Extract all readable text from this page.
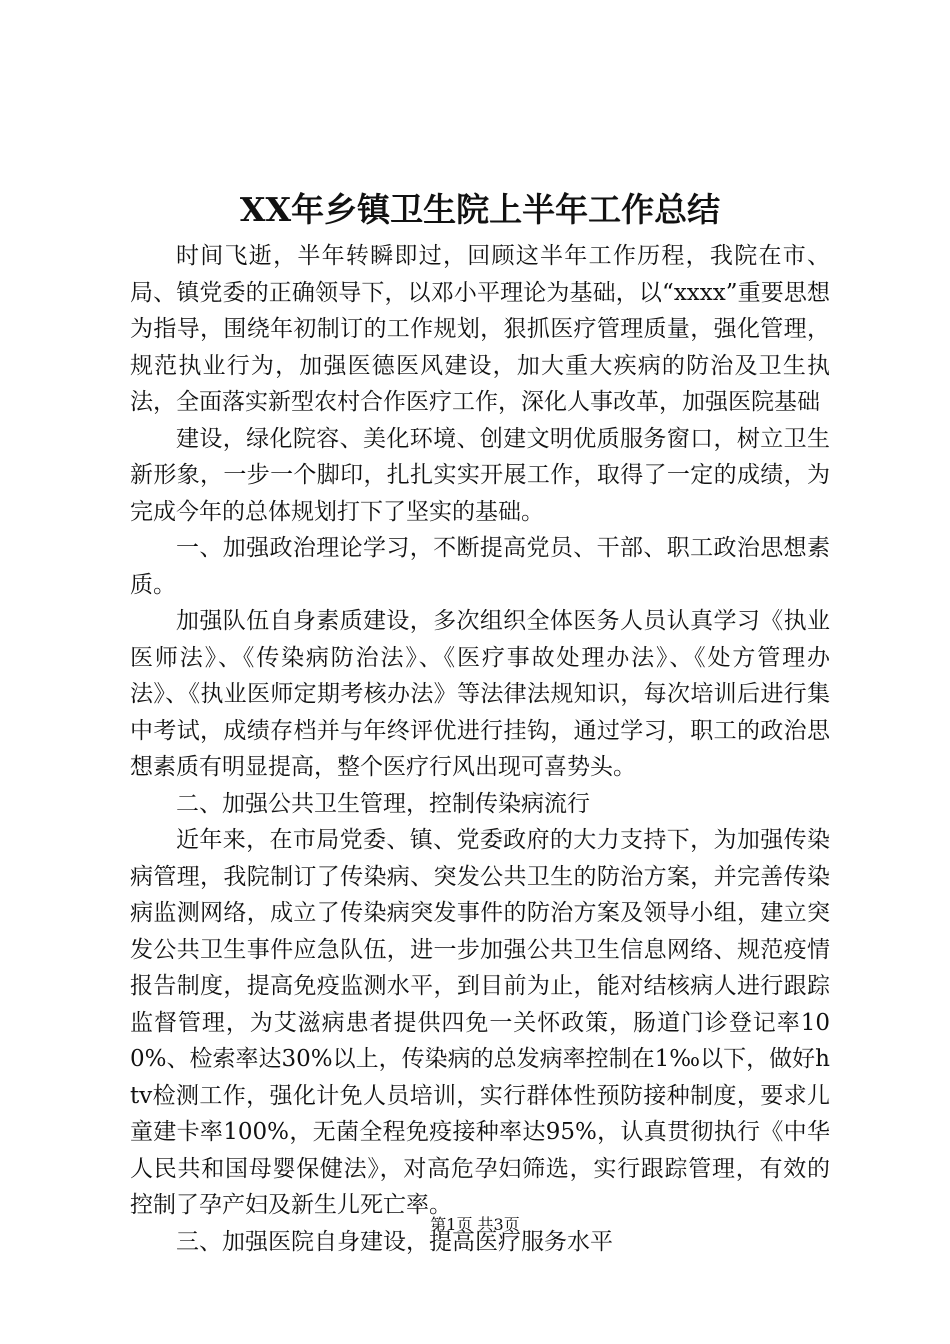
XX年乡镇卫生院上半年工作总结

时间飞逝，半年转瞬即过，回顾这半年工作历程，我院在市、局、镇党委的正确领导下，以邓小平理论为基础，以“xxxx”重要思想为指导，围绕年初制订的工作规划，狠抓医疗管理质量，强化管理，规范执业行为，加强医德医风建设，加大重大疾病的防治及卫生执法，全面落实新型农村合作医疗工作，深化人事改革，加强医院基础

建设，绿化院容、美化环境、创建文明优质服务窗口，树立卫生新形象，一步一个脚印，扎扎实实开展工作，取得了一定的成绩，为完成今年的总体规划打下了坚实的基础。

一、加强政治理论学习，不断提高党员、干部、职工政治思想素质。

加强队伍自身素质建设，多次组织全体医务人员认真学习《执业医师法》、《传染病防治法》、《医疗事故处理办法》、《处方管理办法》、《执业医师定期考核办法》等法律法规知识，每次培训后进行集中考试，成绩存档并与年终评优进行挂钩，通过学习，职工的政治思想素质有明显提高，整个医疗行风出现可喜势头。

二、加强公共卫生管理，控制传染病流行

近年来，在市局党委、镇、党委政府的大力支持下，为加强传染病管理，我院制订了传染病、突发公共卫生的防治方案，并完善传染病监测网络，成立了传染病突发事件的防治方案及领导小组，建立突发公共卫生事件应急队伍，进一步加强公共卫生信息网络、规范疫情报告制度，提高免疫监测水平，到目前为止，能对结核病人进行跟踪监督管理，为艾滋病患者提供四免一关怀政策，肠道门诊登记率100%、检索率达30%以上，传染病的总发病率控制在1‰以下，做好htv检测工作，强化计免人员培训，实行群体性预防接种制度，要求儿童建卡率100%，无菌全程免疫接种率达95%，认真贯彻执行《中华人民共和国母婴保健法》，对高危孕妇筛选，实行跟踪管理，有效的控制了孕产妇及新生儿死亡率。

三、加强医院自身建设，提高医疗服务水平

第1页 共3页
